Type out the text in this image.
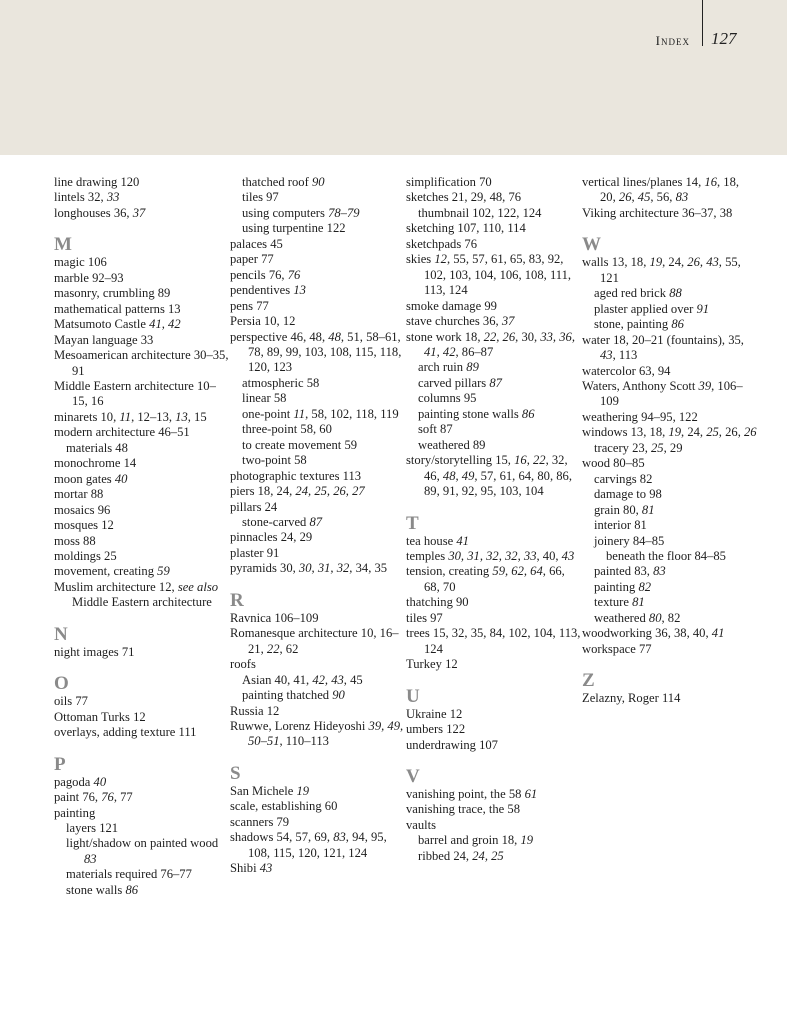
Index 127
line drawing 120
lintels 32, 33
longhouses 36, 37
M
magic 106
marble 92–93
masonry, crumbling 89
mathematical patterns 13
Matsumoto Castle 41, 42
Mayan language 33
Mesoamerican architecture 30–35, 91
Middle Eastern architecture 10–15, 16
minarets 10, 11, 12–13, 13, 15
modern architecture 46–51
materials 48
monochrome 14
moon gates 40
mortar 88
mosaics 96
mosques 12
moss 88
moldings 25
movement, creating 59
Muslim architecture 12, see also Middle Eastern architecture
N
night images 71
O
oils 77
Ottoman Turks 12
overlays, adding texture 111
P
pagoda 40
paint 76, 76, 77
painting
layers 121
light/shadow on painted wood 83
materials required 76–77
stone walls 86
thatched roof 90
tiles 97
using computers 78–79
using turpentine 122
palaces 45
paper 77
pencils 76, 76
pendentives 13
pens 77
Persia 10, 12
perspective 46, 48, 48, 51, 58–61, 78, 89, 99, 103, 108, 115, 118, 120, 123
atmospheric 58
linear 58
one-point 11, 58, 102, 118, 119
three-point 58, 60
to create movement 59
two-point 58
photographic textures 113
piers 18, 24, 24, 25, 26, 27
pillars 24
stone-carved 87
pinnacles 24, 29
plaster 91
pyramids 30, 30, 31, 32, 34, 35
R
Ravnica 106–109
Romanesque architecture 10, 16–21, 22, 62
roofs
Asian 40, 41, 42, 43, 45
painting thatched 90
Russia 12
Ruwwe, Lorenz Hideyoshi 39, 49, 50–51, 110–113
S
San Michele 19
scale, establishing 60
scanners 79
shadows 54, 57, 69, 83, 94, 95, 108, 115, 120, 121, 124
Shibi 43
simplification 70
sketches 21, 29, 48, 76
thumbnail 102, 122, 124
sketching 107, 110, 114
sketchpads 76
skies 12, 55, 57, 61, 65, 83, 92, 102, 103, 104, 106, 108, 111, 113, 124
smoke damage 99
stave churches 36, 37
stone work 18, 22, 26, 30, 33, 36, 41, 42, 86–87
arch ruin 89
carved pillars 87
columns 95
painting stone walls 86
soft 87
weathered 89
story/storytelling 15, 16, 22, 32, 46, 48, 49, 57, 61, 64, 80, 86, 89, 91, 92, 95, 103, 104
T
tea house 41
temples 30, 31, 32, 32, 33, 40, 43
tension, creating 59, 62, 64, 66, 68, 70
thatching 90
tiles 97
trees 15, 32, 35, 84, 102, 104, 113, 124
Turkey 12
U
Ukraine 12
umbers 122
underdrawing 107
V
vanishing point, the 58 61
vanishing trace, the 58
vaults
barrel and groin 18, 19
ribbed 24, 24, 25
vertical lines/planes 14, 16, 18, 20, 26, 45, 56, 83
Viking architecture 36–37, 38
W
walls 13, 18, 19, 24, 26, 43, 55, 121
aged red brick 88
plaster applied over 91
stone, painting 86
water 18, 20–21 (fountains), 35, 43, 113
watercolor 63, 94
Waters, Anthony Scott 39, 106–109
weathering 94–95, 122
windows 13, 18, 19, 24, 25, 26, 26
tracery 23, 25, 29
wood 80–85
carvings 82
damage to 98
grain 80, 81
interior 81
joinery 84–85
beneath the floor 84–85
painted 83, 83
painting 82
texture 81
weathered 80, 82
woodworking 36, 38, 40, 41
workspace 77
Z
Zelazny, Roger 114
